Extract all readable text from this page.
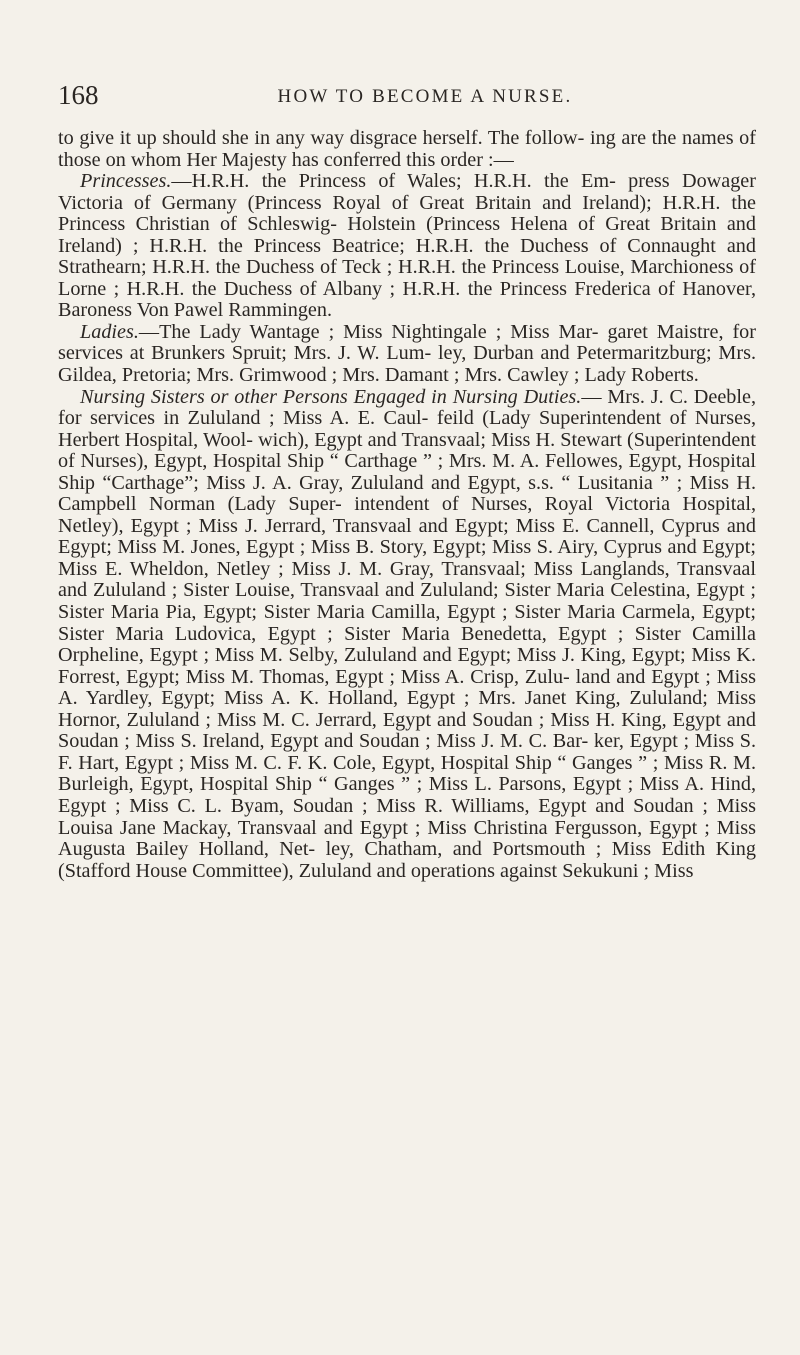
168	HOW TO BECOME A NURSE.

to give it up should she in any way disgrace herself. The follow- ing are the names of those on whom Her Majesty has conferred this order :—

Princesses.—H.R.H. the Princess of Wales; H.R.H. the Em- press Dowager Victoria of Germany (Princess Royal of Great Britain and Ireland); H.R.H. the Princess Christian of Schleswig- Holstein (Princess Helena of Great Britain and Ireland) ; H.R.H. the Princess Beatrice; H.R.H. the Duchess of Connaught and Strathearn; H.R.H. the Duchess of Teck ; H.R.H. the Princess Louise, Marchioness of Lorne ; H.R.H. the Duchess of Albany ; H.R.H. the Princess Frederica of Hanover, Baroness Von Pawel Rammingen.

Ladies.—The Lady Wantage ; Miss Nightingale ; Miss Mar- garet Maistre, for services at Brunkers Spruit; Mrs. J. W. Lum- ley, Durban and Petermaritzburg; Mrs. Gildea, Pretoria; Mrs. Grimwood ; Mrs. Damant ; Mrs. Cawley ; Lady Roberts.

Nursing Sisters or other Persons Engaged in Nursing Duties.— Mrs. J. C. Deeble, for services in Zululand ; Miss A. E. Caul- feild (Lady Superintendent of Nurses, Herbert Hospital, Wool- wich), Egypt and Transvaal; Miss H. Stewart (Superintendent of Nurses), Egypt, Hospital Ship “ Carthage ” ; Mrs. M. A. Fellowes, Egypt, Hospital Ship “Carthage”; Miss J. A. Gray, Zululand and Egypt, s.s. “ Lusitania ” ; Miss H. Campbell Norman (Lady Super- intendent of Nurses, Royal Victoria Hospital, Netley), Egypt ; Miss J. Jerrard, Transvaal and Egypt; Miss E. Cannell, Cyprus and Egypt; Miss M. Jones, Egypt ; Miss B. Story, Egypt; Miss S. Airy, Cyprus and Egypt; Miss E. Wheldon, Netley ; Miss J. M. Gray, Transvaal; Miss Langlands, Transvaal and Zululand ; Sister Louise, Transvaal and Zululand; Sister Maria Celestina, Egypt ; Sister Maria Pia, Egypt; Sister Maria Camilla, Egypt ; Sister Maria Carmela, Egypt; Sister Maria Ludovica, Egypt ; Sister Maria Benedetta, Egypt ; Sister Camilla Orpheline, Egypt ; Miss M. Selby, Zululand and Egypt; Miss J. King, Egypt; Miss K. Forrest, Egypt; Miss M. Thomas, Egypt ; Miss A. Crisp, Zulu- land and Egypt ; Miss A. Yardley, Egypt; Miss A. K. Holland, Egypt ; Mrs. Janet King, Zululand; Miss Hornor, Zululand ; Miss M. C. Jerrard, Egypt and Soudan ; Miss H. King, Egypt and Soudan ; Miss S. Ireland, Egypt and Soudan ; Miss J. M. C. Bar- ker, Egypt ; Miss S. F. Hart, Egypt ; Miss M. C. F. K. Cole, Egypt, Hospital Ship “ Ganges ” ; Miss R. M. Burleigh, Egypt, Hospital Ship “ Ganges ” ; Miss L. Parsons, Egypt ; Miss A. Hind, Egypt ; Miss C. L. Byam, Soudan ; Miss R. Williams, Egypt and Soudan ; Miss Louisa Jane Mackay, Transvaal and Egypt ; Miss Christina Fergusson, Egypt ; Miss Augusta Bailey Holland, Net- ley, Chatham, and Portsmouth ; Miss Edith King (Stafford House Committee), Zululand and operations against Sekukuni ; Miss
